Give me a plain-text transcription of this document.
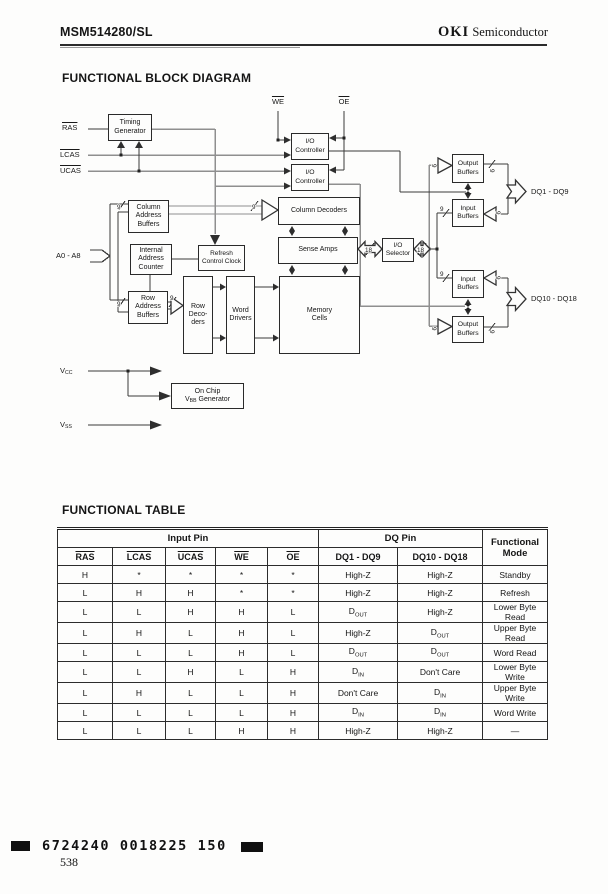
MSM514280/SL	OKI Semiconductor
FUNCTIONAL BLOCK DIAGRAM
FUNCTIONAL TABLE
9
9
9
9
9
9
9	9
9	9
9
9
18	18
Timing
Generator
I/O
Controller
I/O
Controller
Column
Address
Buffers
Column Decoders
Sense Amps
Internal
Address
Counter
Refresh
Control Clock
Row
Address
Buffers
Row
Deco-
ders
Word
Drivers
Memory
Cells
I/O
Selector
Output
Buffers
Input
Buffers
Input
Buffers
Output
Buffers
On Chip
$V_{BB}$ Generator
$\overline{RAS}$
LCAS
UCAS
$\overline{WE}$	$\overline{OE}$
A0 - A8
$V_{CC}$
$V_{SS}$
DQ1 - DQ9
DQ10 - DQ18
Input Pin					DQ Pin		Functional Mode
$\overline{RAS}$	LCAS	UCAS	$\overline{WE}$	$\overline{OE}$	DQ1 - DQ9	DQ10 - DQ18	
H	*	*	*	*	High-Z	High-Z	Standby
L	H	H	*	*	High-Z	High-Z	Refresh
L	L	H	H	L	$D_{OUT}$	High-Z	Lower Byte Read
L	H	L	H	L	High-Z	$D_{OUT}$	Upper Byte Read
L	L	L	H	L	$D_{OUT}$	$D_{OUT}$	Word Read
L	L	H	L	H	$D_{IN}$	Don't Care	Lower Byte Write
L	H	L	L	H	Don't Care	$D_{IN}$	Upper Byte Write
L	L	L	L	H	$D_{IN}$	$D_{IN}$	Word Write
L	L	L	H	H	High-Z	High-Z	—
6724240 0018225 150
538
